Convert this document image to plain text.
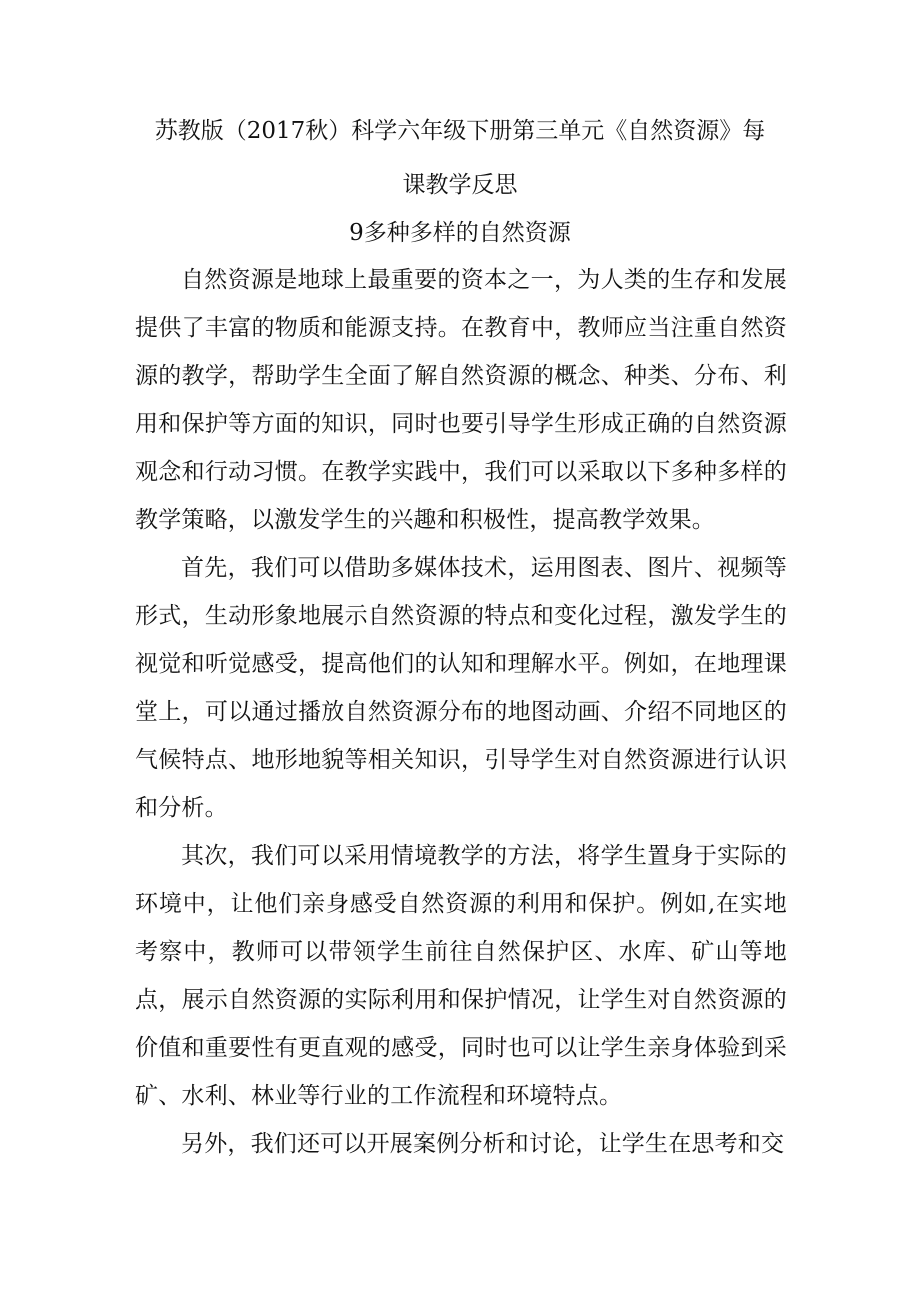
苏教版（2017秋）科学六年级下册第三单元《自然资源》每
课教学反思
9多种多样的自然资源

自然资源是地球上最重要的资本之一，为人类的生存和发展提供了丰富的物质和能源支持。在教育中，教师应当注重自然资源的教学，帮助学生全面了解自然资源的概念、种类、分布、利用和保护等方面的知识，同时也要引导学生形成正确的自然资源观念和行动习惯。在教学实践中，我们可以采取以下多种多样的教学策略，以激发学生的兴趣和积极性，提高教学效果。

首先，我们可以借助多媒体技术，运用图表、图片、视频等形式，生动形象地展示自然资源的特点和变化过程，激发学生的视觉和听觉感受，提高他们的认知和理解水平。例如，在地理课堂上，可以通过播放自然资源分布的地图动画、介绍不同地区的气候特点、地形地貌等相关知识，引导学生对自然资源进行认识和分析。

其次，我们可以采用情境教学的方法，将学生置身于实际的环境中，让他们亲身感受自然资源的利用和保护。例如,在实地考察中，教师可以带领学生前往自然保护区、水库、矿山等地点，展示自然资源的实际利用和保护情况，让学生对自然资源的价值和重要性有更直观的感受，同时也可以让学生亲身体验到采矿、水利、林业等行业的工作流程和环境特点。

另外，我们还可以开展案例分析和讨论，让学生在思考和交
